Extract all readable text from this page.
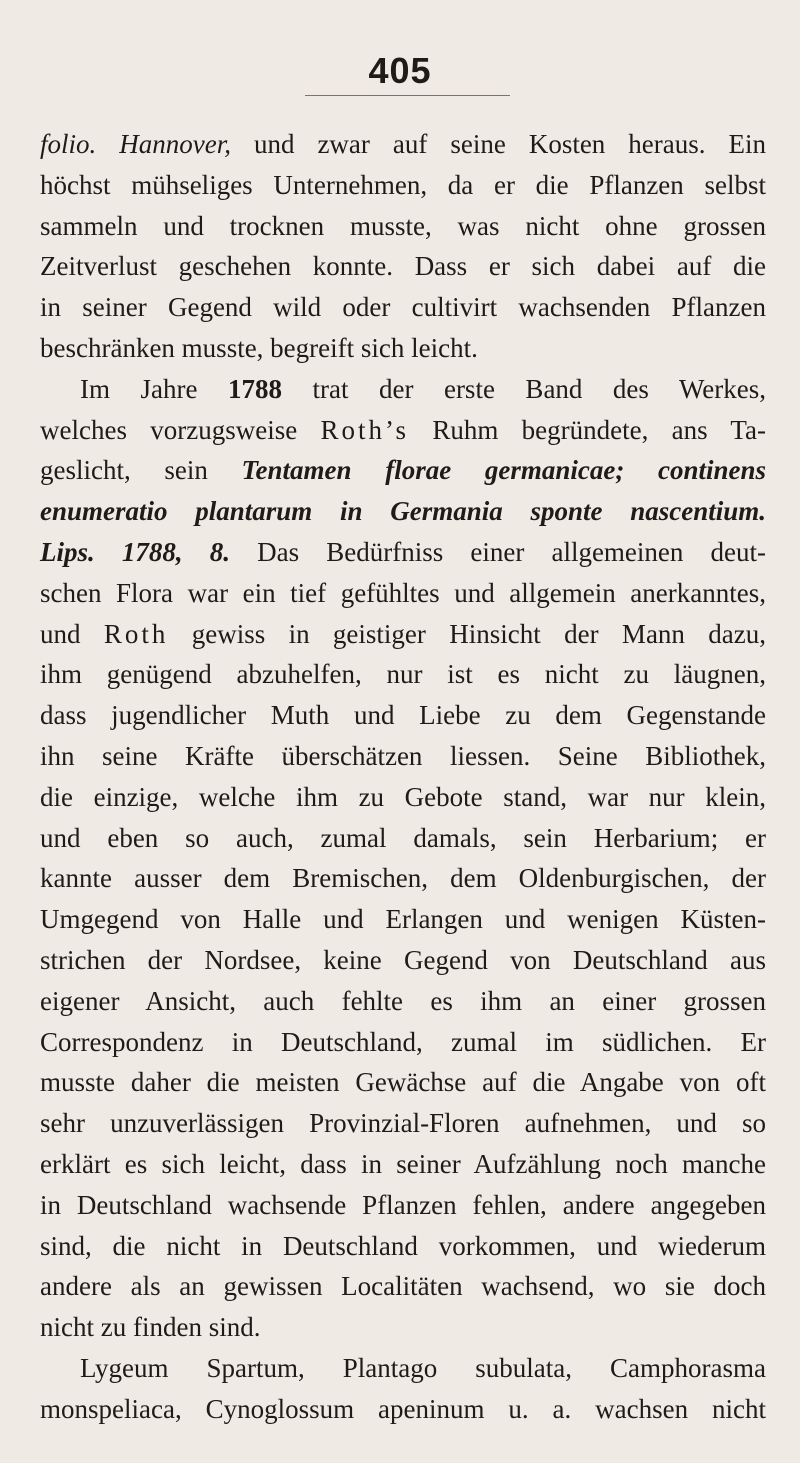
405
folio. Hannover, und zwar auf seine Kosten heraus. Ein
höchst mühseliges Unternehmen, da er die Pflanzen selbst
sammeln und trocknen musste, was nicht ohne grossen
Zeitverlust geschehen konnte. Dass er sich dabei auf die
in seiner Gegend wild oder cultivirt wachsenden Pflanzen
beschränken musste, begreift sich leicht.
Im Jahre 1788 trat der erste Band des Werkes,
welches vorzugsweise Roth’s Ruhm begründete, ans Ta-
geslicht, sein Tentamen florae germanicae; continens
enumeratio plantarum in Germania sponte nascentium.
Lips. 1788, 8. Das Bedürfniss einer allgemeinen deut-
schen Flora war ein tief gefühltes und allgemein anerkanntes,
und Roth gewiss in geistiger Hinsicht der Mann dazu,
ihm genügend abzuhelfen, nur ist es nicht zu läugnen,
dass jugendlicher Muth und Liebe zu dem Gegenstande
ihn seine Kräfte überschätzen liessen. Seine Bibliothek,
die einzige, welche ihm zu Gebote stand, war nur klein,
und eben so auch, zumal damals, sein Herbarium; er
kannte ausser dem Bremischen, dem Oldenburgischen, der
Umgegend von Halle und Erlangen und wenigen Küsten-
strichen der Nordsee, keine Gegend von Deutschland aus
eigener Ansicht, auch fehlte es ihm an einer grossen
Correspondenz in Deutschland, zumal im südlichen. Er
musste daher die meisten Gewächse auf die Angabe von oft
sehr unzuverlässigen Provinzial-Floren aufnehmen, und so
erklärt es sich leicht, dass in seiner Aufzählung noch manche
in Deutschland wachsende Pflanzen fehlen, andere angegeben
sind, die nicht in Deutschland vorkommen, und wiederum
andere als an gewissen Localitäten wachsend, wo sie doch
nicht zu finden sind.
Lygeum Spartum, Plantago subulata, Camphorasma
monspeliaca, Cynoglossum apeninum u. a. wachsen nicht
